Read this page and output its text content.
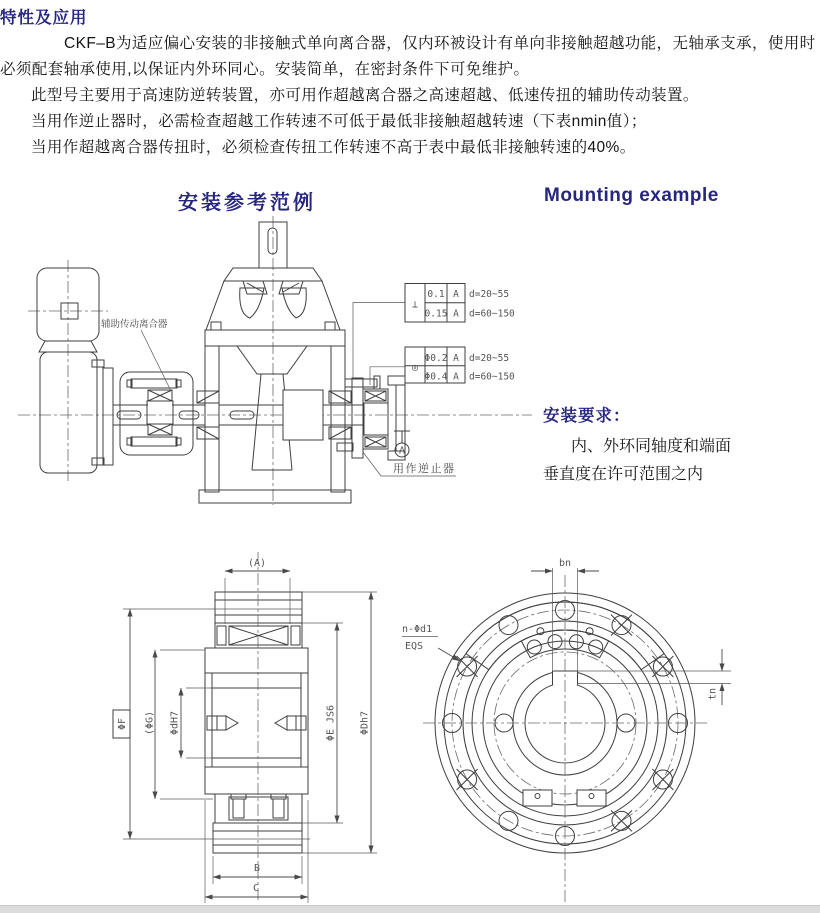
特性及应用

CKF–B为适应偏心安装的非接触式单向离合器，仅内环被设计有单向非接触超越功能，无轴承支承，使用时必须配套轴承使用,以保证内外环同心。安装简单，在密封条件下可免维护。

此型号主要用于高速防逆转装置，亦可用作超越离合器之高速超越、低速传扭的辅助传动装置。

当用作逆止器时，必需检查超越工作转速不可低于最低非接触超越转速（下表nmin值）；

当用作超越离合器传扭时，必须检查传扭工作转速不高于表中最低非接触转速的40%。

安装参考范例	Mounting example
A
辅助传动离合器
用作逆止器
⊥
0.1 A
0.15 A
d=20~55
d=60~150
◎
Φ0.2 A
Φ0.4 A
d=20~55
d=60~150

安装要求：

内、外环同轴度和端面

垂直度在许可范围之内

(A)
ΦF (ΦG) ΦdH7	ΦE JS6 ΦDh7
B
C
bn
tn
n-Φd1
EQS
